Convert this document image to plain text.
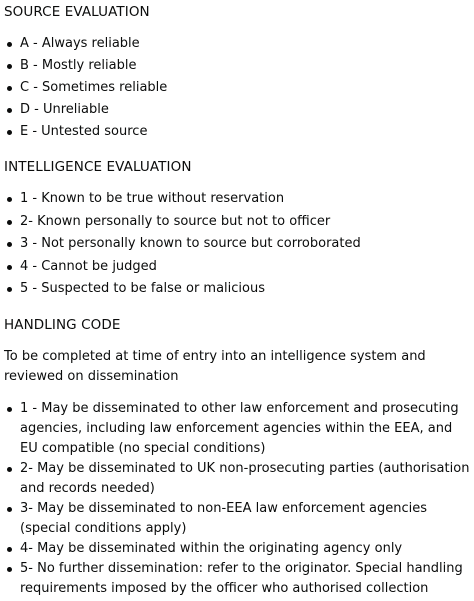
SOURCE EVALUATION
A - Always reliable
B - Mostly reliable
C - Sometimes reliable
D - Unreliable
E - Untested source
INTELLIGENCE EVALUATION
1 - Known to be true without reservation
2- Known personally to source but not to officer
3 - Not personally known to source but corroborated
4 - Cannot be judged
5 - Suspected to be false or malicious
HANDLING CODE

To be completed at time of entry into an intelligence system and reviewed on dissemination

1 - May be disseminated to other law enforcement and prosecuting agencies, including law enforcement agencies within the EEA, and EU compatible (no special conditions)
2- May be disseminated to UK non-prosecuting parties (authorisation and records needed)
3- May be disseminated to non-EEA law enforcement agencies (special conditions apply)
4- May be disseminated within the originating agency only
5- No further dissemination: refer to the originator. Special handling requirements imposed by the officer who authorised collection
